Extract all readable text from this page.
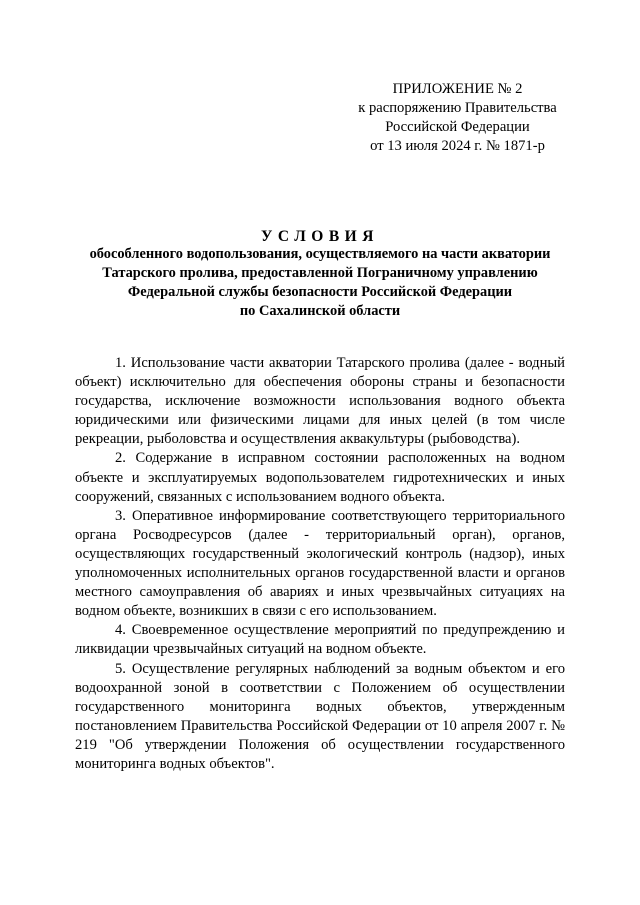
ПРИЛОЖЕНИЕ № 2
к распоряжению Правительства
Российской Федерации
от 13 июля 2024 г. № 1871-р
УСЛОВИЯ
обособленного водопользования, осуществляемого на части акватории
Татарского пролива, предоставленной Пограничному управлению
Федеральной службы безопасности Российской Федерации
по Сахалинской области

1. Использование части акватории Татарского пролива (далее - водный объект) исключительно для обеспечения обороны страны и безопасности государства, исключение возможности использования водного объекта юридическими или физическими лицами для иных целей (в том числе рекреации, рыболовства и осуществления аквакультуры (рыбоводства).

2. Содержание в исправном состоянии расположенных на водном объекте и эксплуатируемых водопользователем гидротехнических и иных сооружений, связанных с использованием водного объекта.

3. Оперативное информирование соответствующего территориального органа Росводресурсов (далее - территориальный орган), органов, осуществляющих государственный экологический контроль (надзор), иных уполномоченных исполнительных органов государственной власти и органов местного самоуправления об авариях и иных чрезвычайных ситуациях на водном объекте, возникших в связи с его использованием.

4. Своевременное осуществление мероприятий по предупреждению и ликвидации чрезвычайных ситуаций на водном объекте.

5. Осуществление регулярных наблюдений за водным объектом и его водоохранной зоной в соответствии с Положением об осуществлении государственного мониторинга водных объектов, утвержденным постановлением Правительства Российской Федерации от 10 апреля 2007 г. № 219 "Об утверждении Положения об осуществлении государственного мониторинга водных объектов".
